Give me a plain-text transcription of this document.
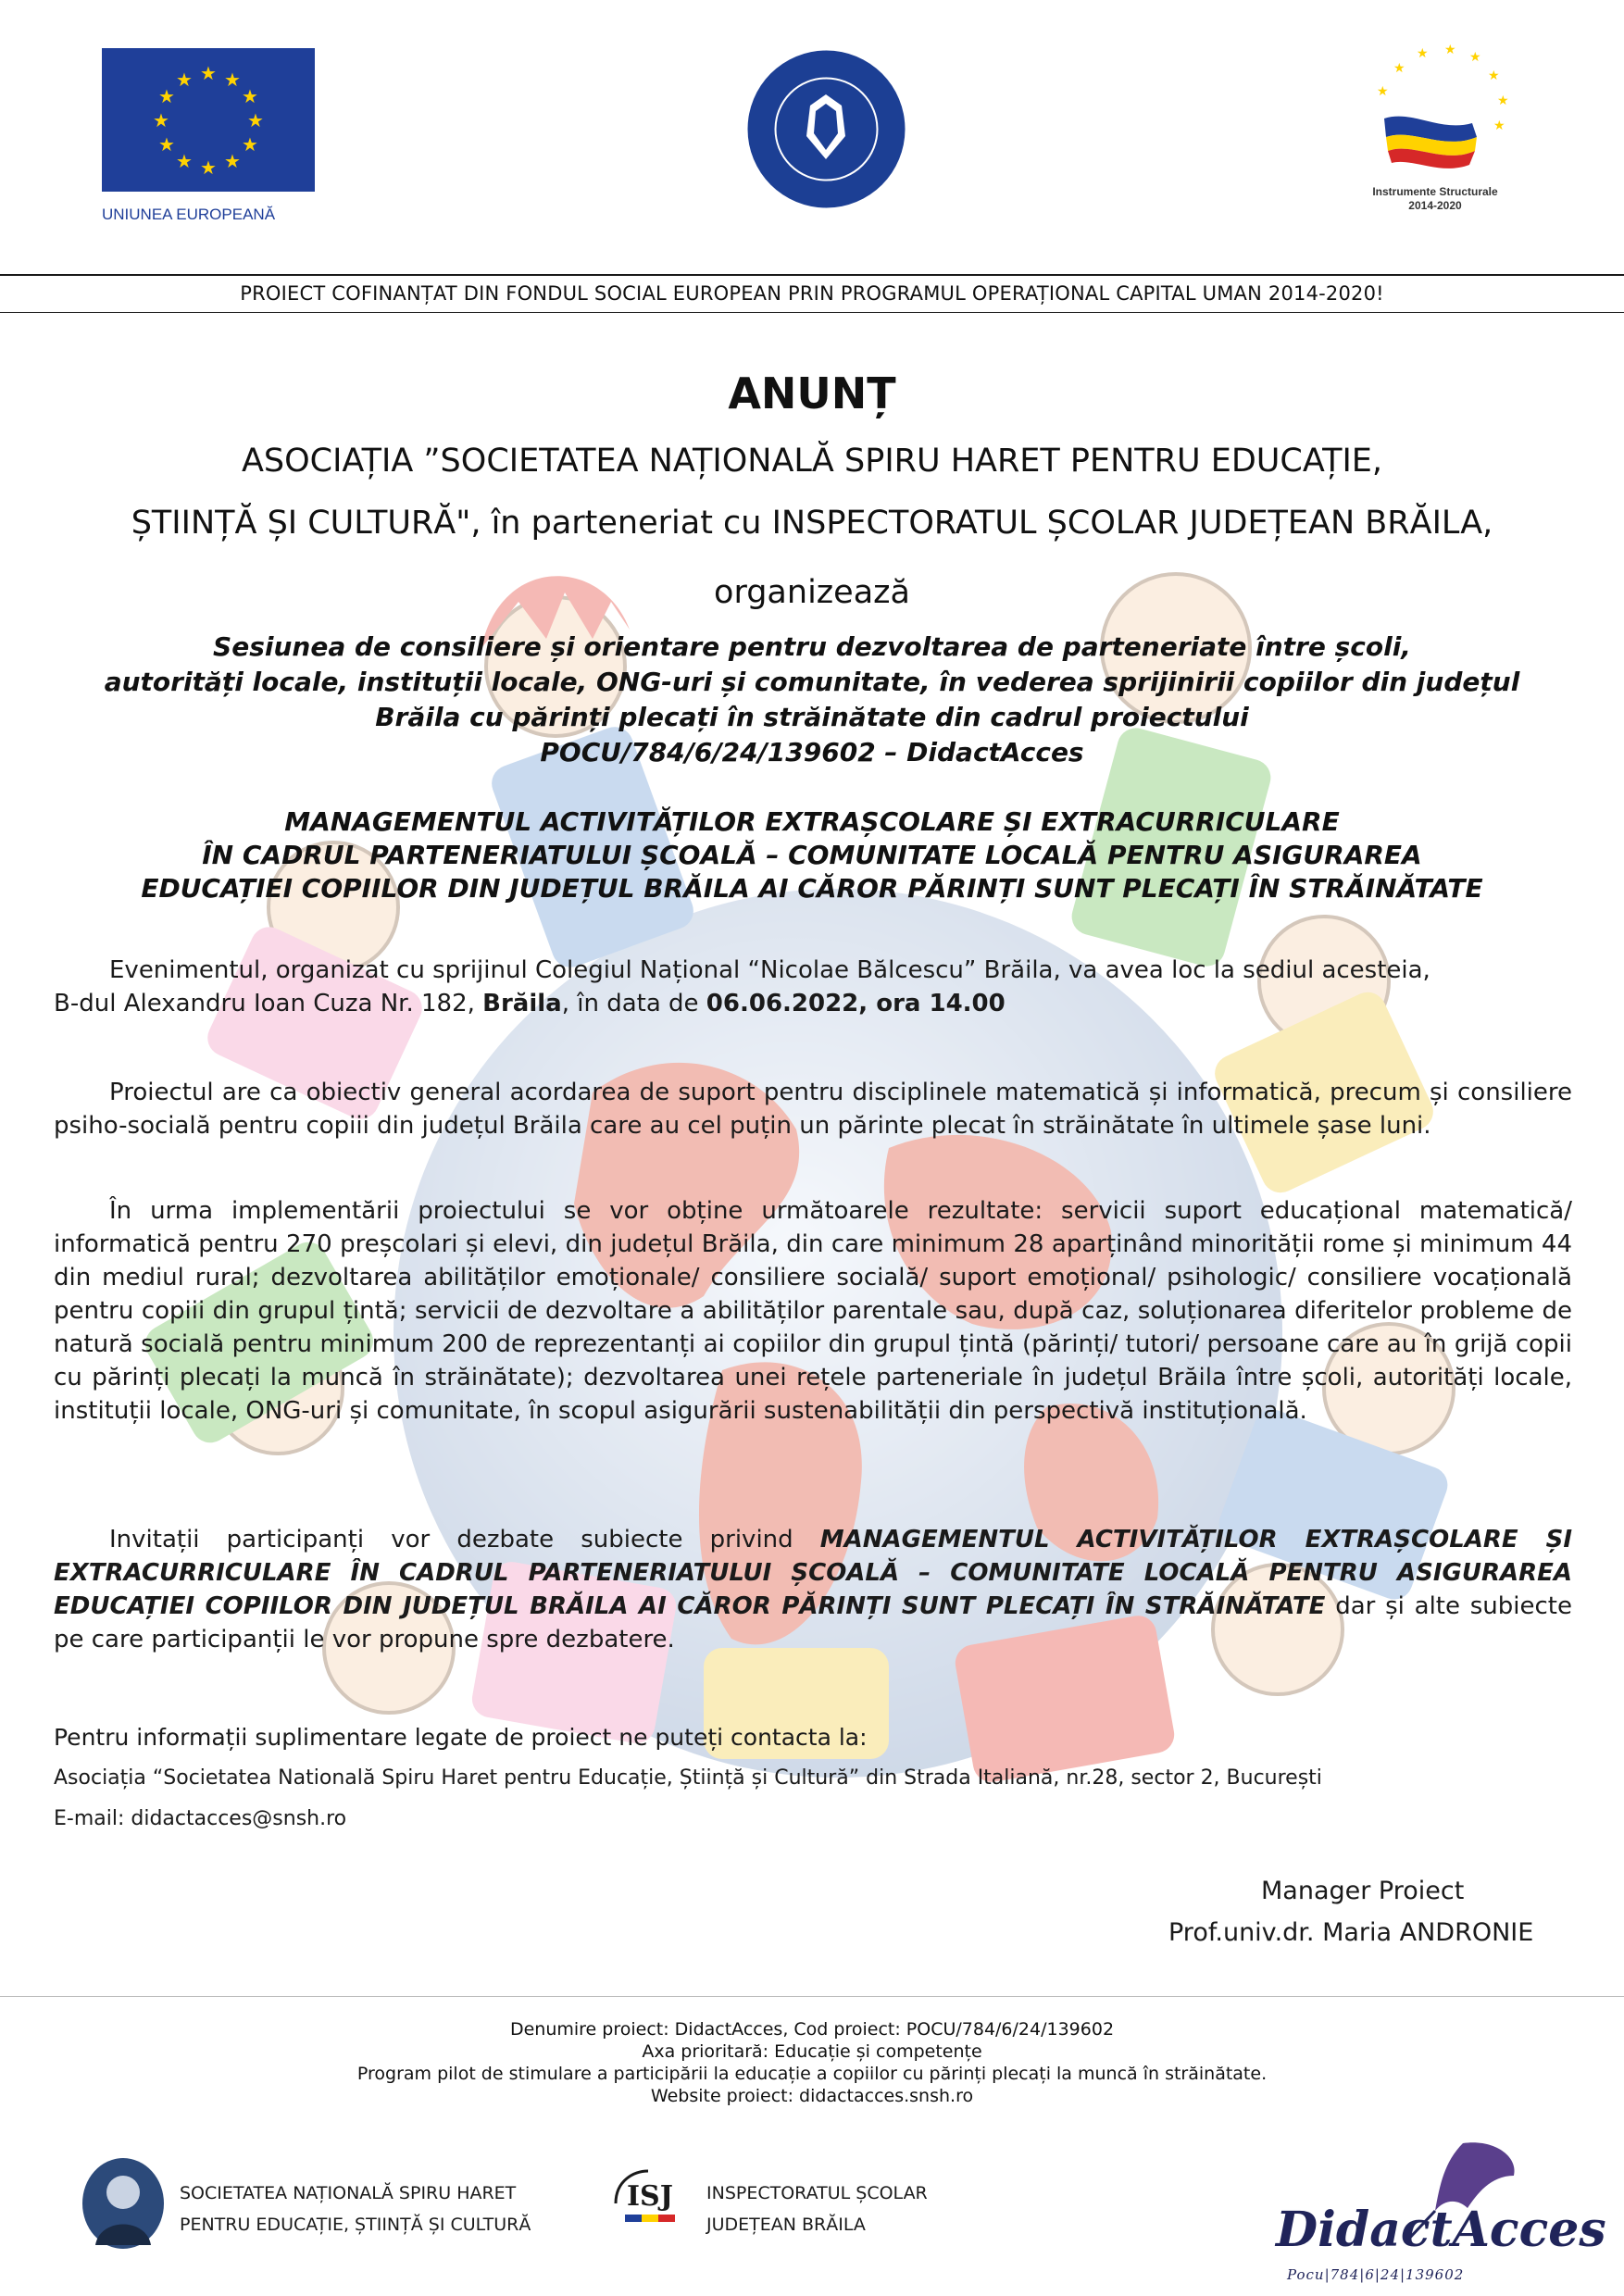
★ ★
★
★
★
★
★
★
★
★
★
★
UNIUNEA EUROPEANĂ
★
★ ★ ★
★
★
★
★
Instrumente Structurale
2014-2020
PROIECT COFINANȚAT DIN FONDUL SOCIAL EUROPEAN PRIN PROGRAMUL OPERAȚIONAL CAPITAL UMAN 2014-2020!
ANUNȚ
ASOCIAȚIA ”SOCIETATEA NAȚIONALĂ SPIRU HARET PENTRU EDUCAȚIE,
ȘTIINȚĂ ȘI CULTURĂ", în parteneriat cu INSPECTORATUL ȘCOLAR JUDEȚEAN BRĂILA,
organizează
Sesiunea de consiliere și orientare pentru dezvoltarea de parteneriate între școli,
autorități locale, instituții locale, ONG-uri și comunitate, în vederea sprijinirii copiilor din județul
Brăila cu părinți plecați în străinătate din cadrul proiectului
POCU/784/6/24/139602 – DidactAcces
MANAGEMENTUL ACTIVITĂȚILOR EXTRAȘCOLARE ȘI EXTRACURRICULARE
ÎN CADRUL PARTENERIATULUI ȘCOALĂ – COMUNITATE LOCALĂ PENTRU ASIGURAREA
EDUCAȚIEI COPIILOR DIN JUDEȚUL BRĂILA AI CĂROR PĂRINȚI SUNT PLECAȚI ÎN STRĂINĂTATE
Evenimentul, organizat cu sprijinul Colegiul Național “Nicolae Bălcescu” Brăila, va avea loc la sediul acesteia,
B-dul Alexandru Ioan Cuza Nr. 182, Brăila, în data de 06.06.2022, ora 14.00
Proiectul are ca obiectiv general acordarea de suport pentru disciplinele matematică și informatică, precum și consiliere psiho-socială pentru copiii din județul Brăila care au cel puțin un părinte plecat în străinătate în ultimele șase luni.
În urma implementării proiectului se vor obține următoarele rezultate: servicii suport educațional matematică/ informatică pentru 270 preșcolari și elevi, din județul Brăila, din care minimum 28 aparținând minorității rome și minimum 44 din mediul rural; dezvoltarea abilităților emoționale/ consiliere socială/ suport emoțional/ psihologic/ consiliere vocațională pentru copiii din grupul țintă; servicii de dezvoltare a abilităților parentale sau, după caz, soluționarea diferitelor probleme de natură socială pentru minimum 200 de reprezentanți ai copiilor din grupul țintă (părinți/ tutori/ persoane care au în grijă copii cu părinți plecați la muncă în străinătate); dezvoltarea unei rețele parteneriale în județul Brăila între școli, autorități locale, instituții locale, ONG-uri și comunitate, în scopul asigurării sustenabilității din perspectivă instituțională.
Invitații participanți vor dezbate subiecte privind MANAGEMENTUL ACTIVITĂȚILOR EXTRAȘCOLARE ȘI EXTRACURRICULARE ÎN CADRUL PARTENERIATULUI ȘCOALĂ – COMUNITATE LOCALĂ PENTRU ASIGURAREA EDUCAȚIEI COPIILOR DIN JUDEȚUL BRĂILA AI CĂROR PĂRINȚI SUNT PLECAȚI ÎN STRĂINĂTATE dar și alte subiecte pe care participanții le vor propune spre dezbatere.
Pentru informații suplimentare legate de proiect ne puteți contacta la:
Asociația “Societatea Natională Spiru Haret pentru Educație, Știință și Cultură” din Strada Italiană, nr.28, sector 2, București
E-mail: didactacces@snsh.ro
Manager Proiect
Prof.univ.dr. Maria ANDRONIE
Denumire proiect: DidactAcces, Cod proiect: POCU/784/6/24/139602
Axa prioritară: Educație și competențe
Program pilot de stimulare a participării la educație a copiilor cu părinți plecați la muncă în străinătate.
Website proiect: didactacces.snsh.ro
SOCIETATEA NAȚIONALĂ SPIRU HARET
PENTRU EDUCAȚIE, ȘTIINȚĂ ȘI CULTURĂ
ISJ INSPECTORATUL ȘCOLAR
JUDEȚEAN BRĂILA	DidactAcces
Pocu|784|6|24|139602
